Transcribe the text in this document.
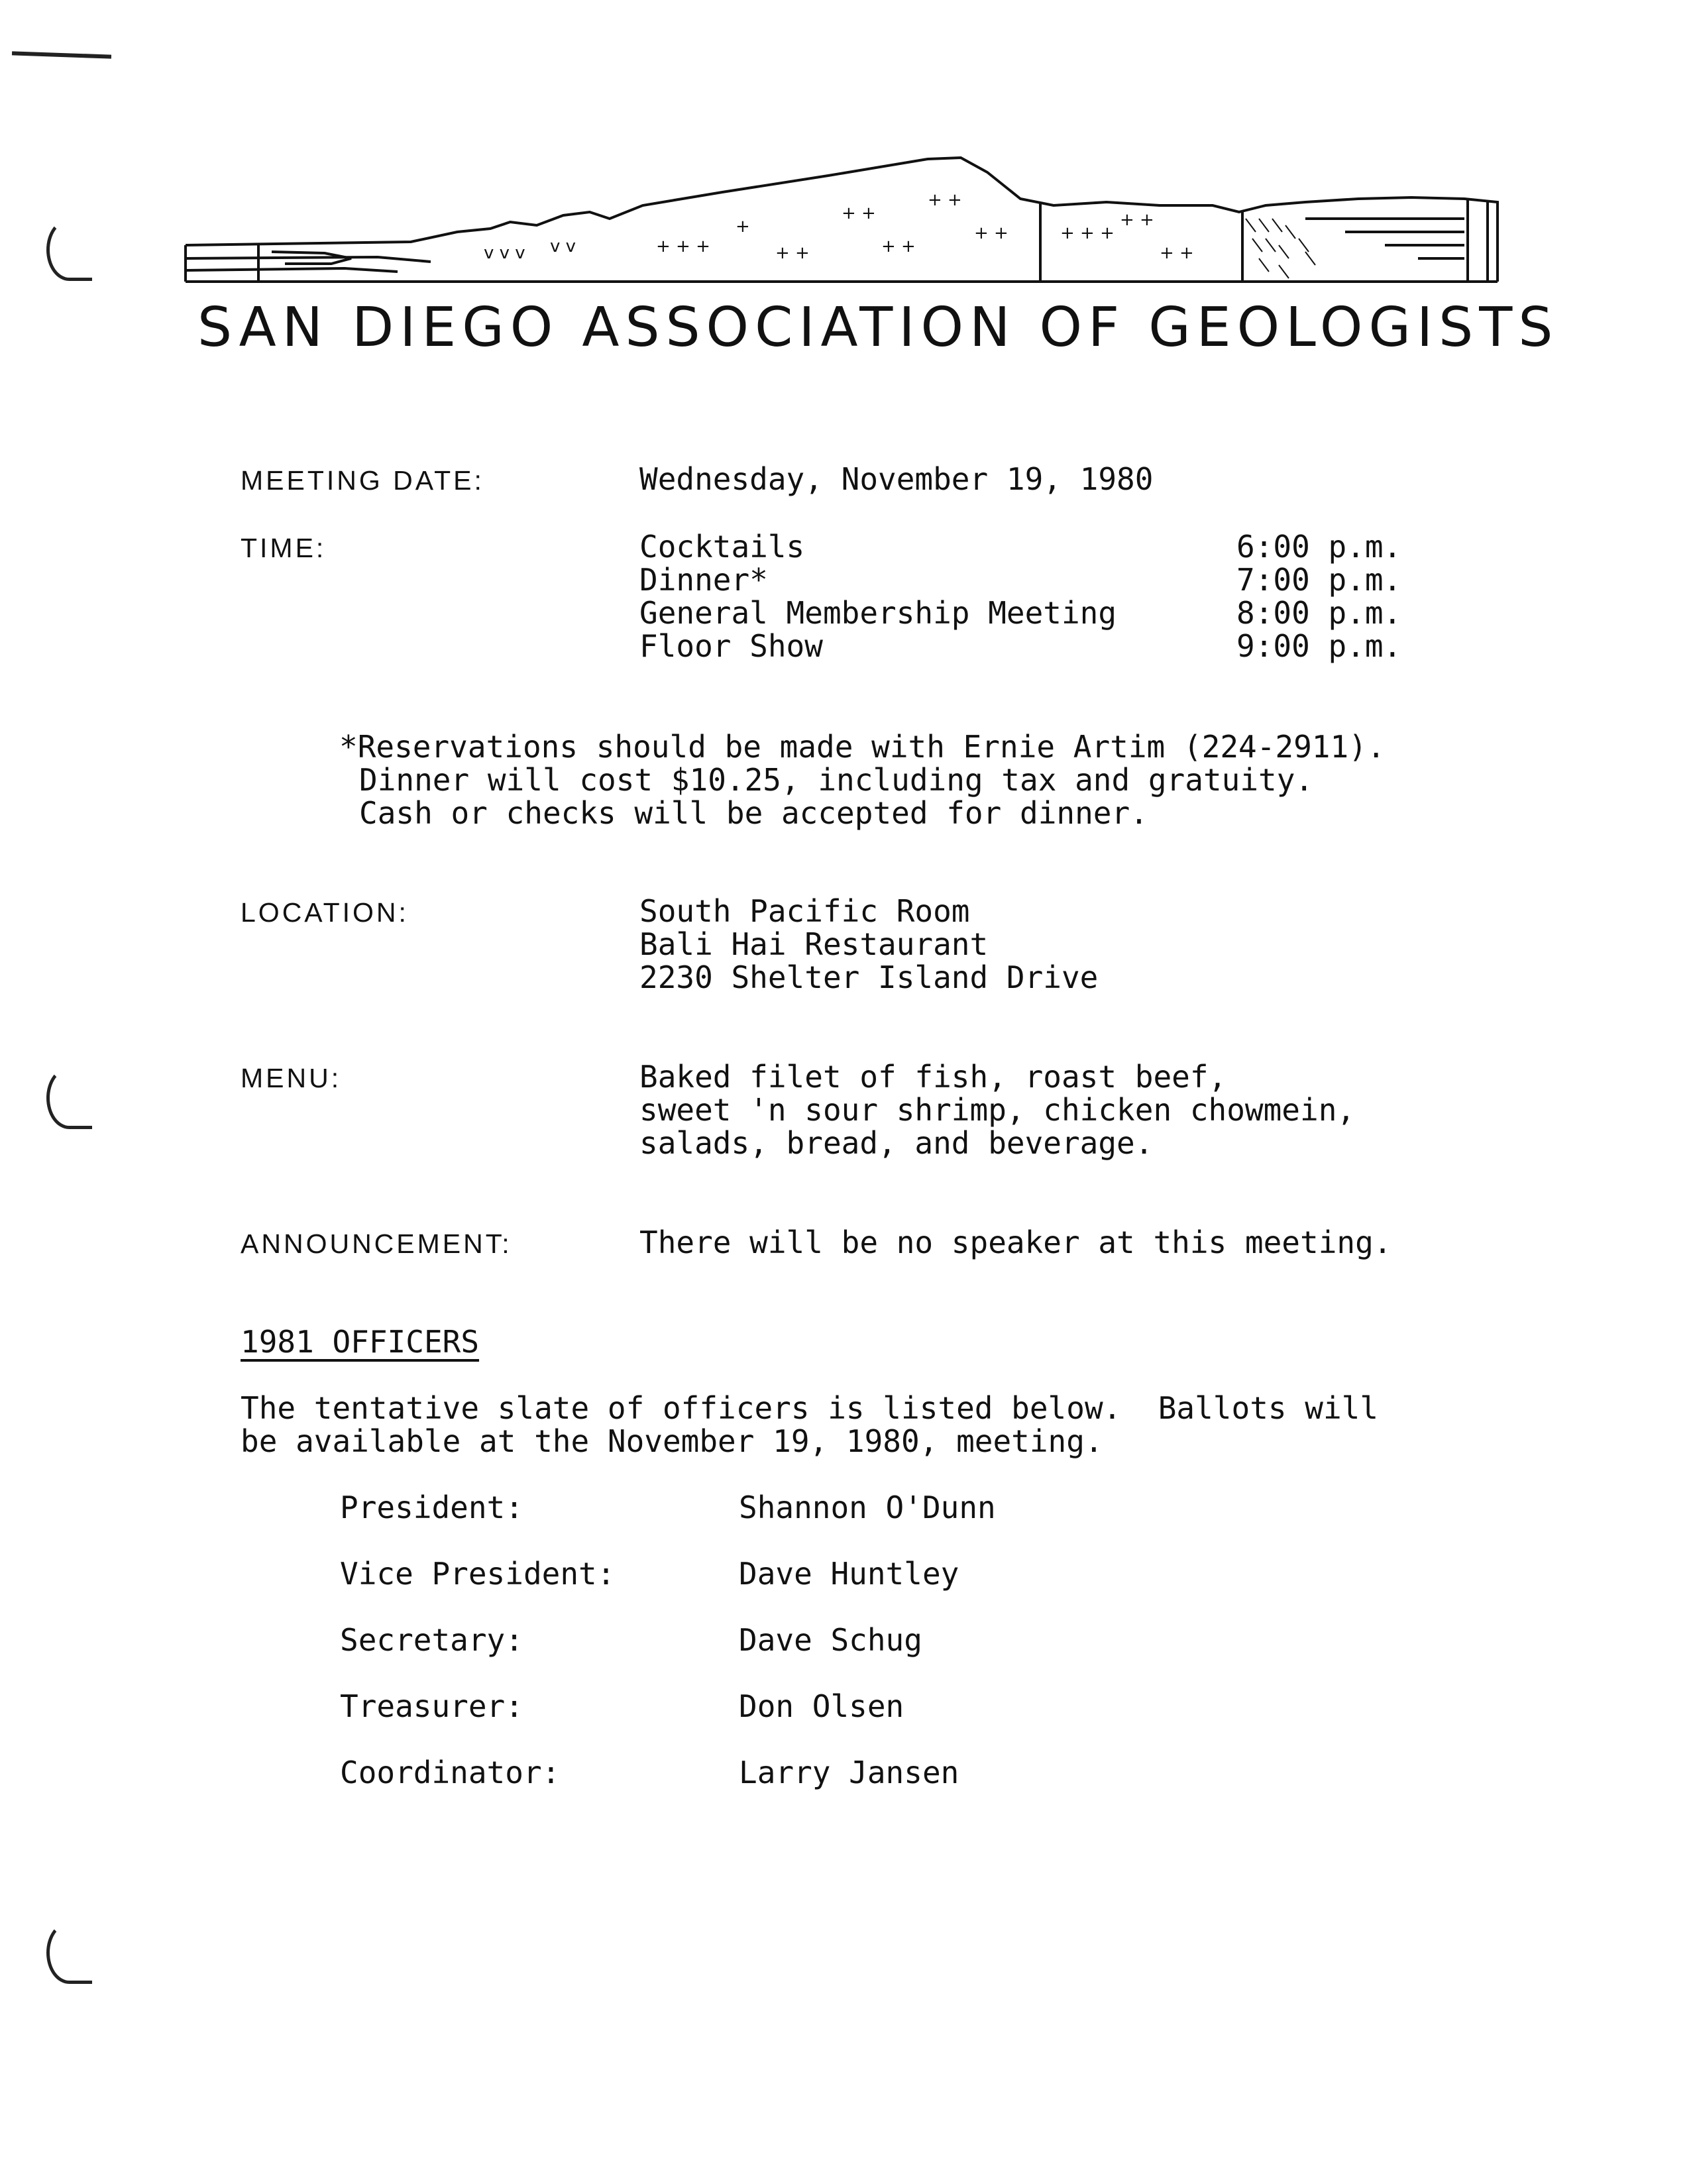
v v v v v	+ + +
+
+ +
+ +
+ +
+ +
+ +	+ + +
+ +
+ +
SAN DIEGO ASSOCIATION OF GEOLOGISTS
MEETING DATE:	Wednesday, November 19, 1980
TIME:	Cocktails	6:00 p.m.
Dinner*	7:00 p.m.
General Membership Meeting	8:00 p.m.
Floor Show	9:00 p.m.
*Reservations should be made with Ernie Artim (224-2911).
Dinner will cost $10.25, including tax and gratuity.
Cash or checks will be accepted for dinner.
LOCATION:	South Pacific Room
Bali Hai Restaurant
2230 Shelter Island Drive
MENU:	Baked filet of fish, roast beef,
sweet 'n sour shrimp, chicken chowmein,
salads, bread, and beverage.
ANNOUNCEMENT:	There will be no speaker at this meeting.
1981 OFFICERS
The tentative slate of officers is listed below.  Ballots will
be available at the November 19, 1980, meeting.
President:	Shannon O'Dunn
Vice President:	Dave Huntley
Secretary:	Dave Schug
Treasurer:	Don Olsen
Coordinator:	Larry Jansen
